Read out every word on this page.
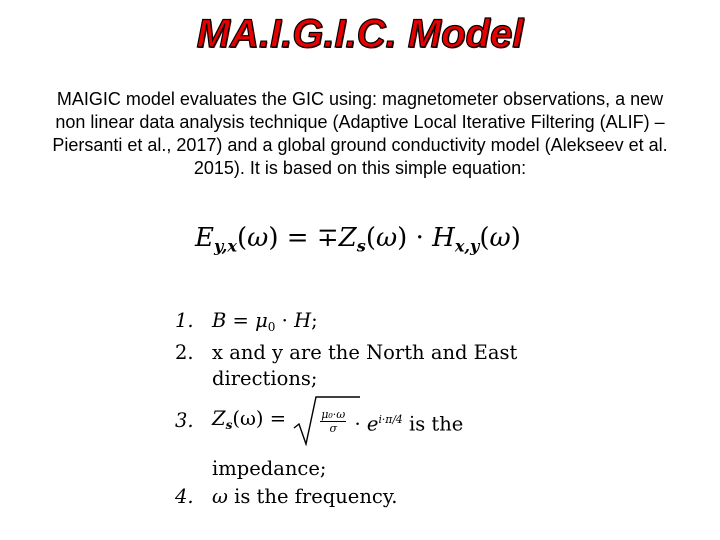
MA.I.G.I.C. Model
MAIGIC model evaluates the GIC using: magnetometer observations, a new
non linear data analysis technique (Adaptive Local Iterative Filtering (ALIF) –
Piersanti et al., 2017) and a global ground conductivity model (Alekseev et al.
2015). It is based on this simple equation:
$E_{y,x}(\omega) = \mp Z_s(\omega) \cdot H_{x,y}(\omega)$
1. $B = \mu_0 \cdot H$;
2. x and y are the North and East
directions;
3. $Z_s(\omega)$ =	$\frac{\text{μ₀·ω}}{\sigma} \cdot e^{i\cdot\pi/4}$ is the
impedance;
4. ω is the frequency.
